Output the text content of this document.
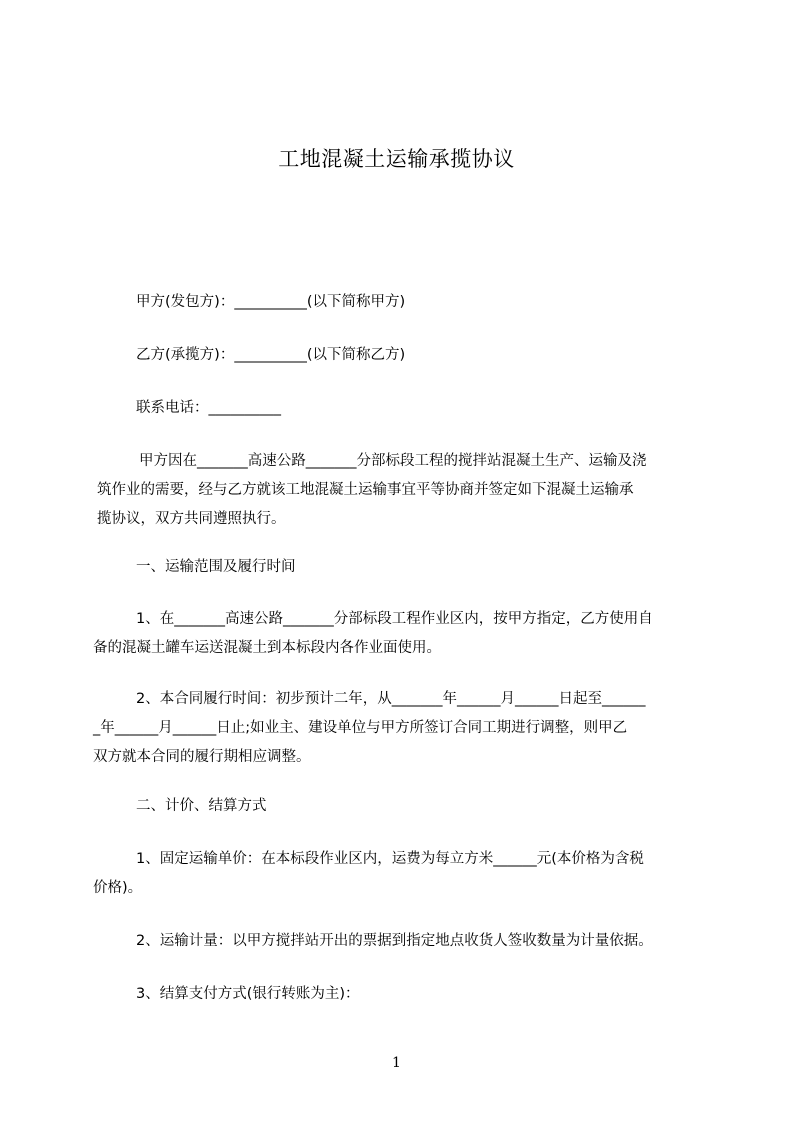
工地混凝土运输承揽协议
甲方(发包方)：__________(以下简称甲方)
乙方(承揽方)：__________(以下简称乙方)
联系电话：__________
甲方因在_______高速公路_______分部标段工程的搅拌站混凝土生产、运输及浇
筑作业的需要，经与乙方就该工地混凝土运输事宜平等协商并签定如下混凝土运输承
揽协议，双方共同遵照执行。
一、运输范围及履行时间
1、在_______高速公路_______分部标段工程作业区内，按甲方指定，乙方使用自
备的混凝土罐车运送混凝土到本标段内各作业面使用。
2、本合同履行时间：初步预计二年，从_______年______月______日起至______
_年______月______日止;如业主、建设单位与甲方所签订合同工期进行调整，则甲乙
双方就本合同的履行期相应调整。
二、计价、结算方式
1、固定运输单价：在本标段作业区内，运费为每立方米______元(本价格为含税
价格)。
2、运输计量：以甲方搅拌站开出的票据到指定地点收货人签收数量为计量依据。
3、结算支付方式(银行转账为主)：
1
